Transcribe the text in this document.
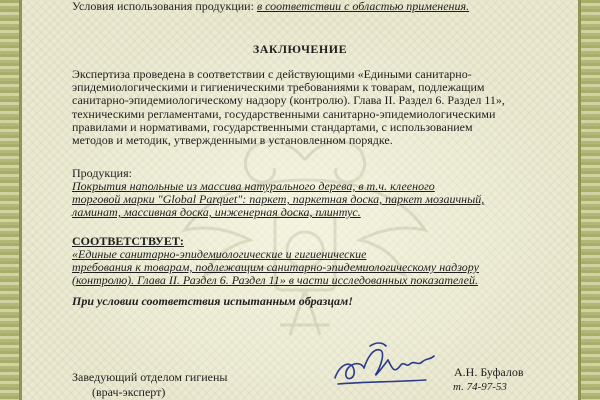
Условия использования продукции: в соответствии с областью применения.
ЗАКЛЮЧЕНИЕ
Экспертиза проведена в соответствии с действующими «Едиными санитарно-
эпидемиологическими и гигиеническими требованиями к товарам, подлежащим
санитарно-эпидемиологическому надзору (контролю). Глава II. Раздел 6. Раздел 11»,
техническими регламентами, государственными санитарно-эпидемиологическими
правилами и нормативами, государственными стандартами, с использованием
методов и методик, утвержденными в установленном порядке.
Продукция:
Покрытия напольные из массива натурального дерева, в т.ч. клееного
торговой марки "Global Parquet": паркет, паркетная доска, паркет мозаичный,
ламинат, массивная доска, инженерная доска, плинтус.
СООТВЕТСТВУЕТ:
«Единые санитарно-эпидемиологические и гигиенические
требования к товарам, подлежащим санитарно-эпидемиологическому надзору
(контролю). Глава II. Раздел 6. Раздел 11» в части исследованных показателей.
При условии соответствия испытанным образцам!
Заведующий отделом гигиены
(врач-эксперт)
А.Н. Буфалов
т. 74-97-53
